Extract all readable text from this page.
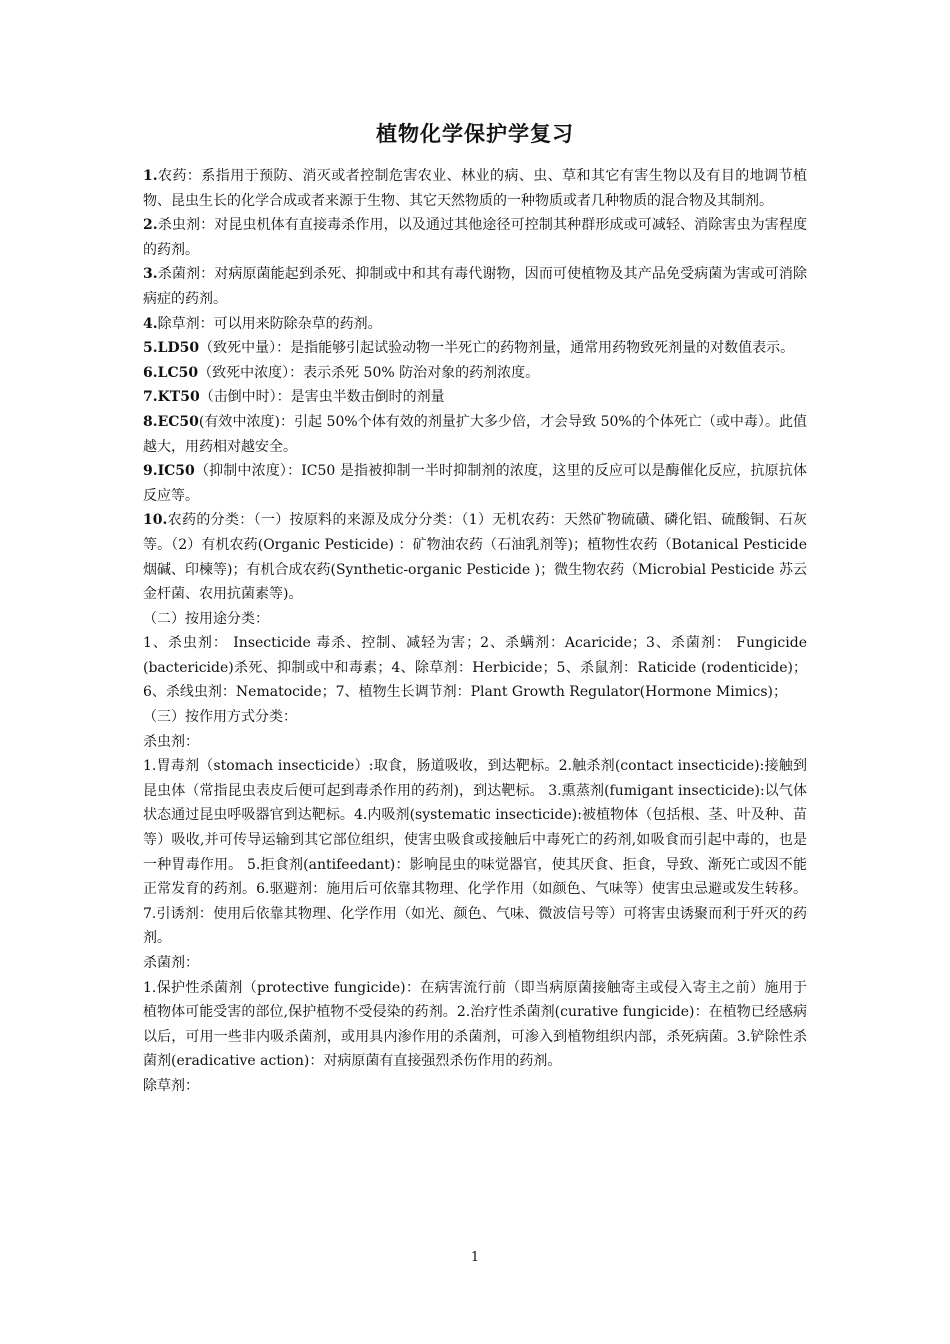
植物化学保护学复习

1.农药：系指用于预防、消灭或者控制危害农业、林业的病、虫、草和其它有害生物以及有目的地调节植物、昆虫生长的化学合成或者来源于生物、其它天然物质的一种物质或者几种物质的混合物及其制剂。

2.杀虫剂：对昆虫机体有直接毒杀作用，以及通过其他途径可控制其种群形成或可减轻、消除害虫为害程度的药剂。

3.杀菌剂：对病原菌能起到杀死、抑制或中和其有毒代谢物，因而可使植物及其产品免受病菌为害或可消除病症的药剂。

4.除草剂：可以用来防除杂草的药剂。

5.LD50（致死中量）：是指能够引起试验动物一半死亡的药物剂量，通常用药物致死剂量的对数值表示。

6.LC50（致死中浓度）：表示杀死 50% 防治对象的药剂浓度。

7.KT50（击倒中时）：是害虫半数击倒时的剂量

8.EC50(有效中浓度)：引起 50%个体有效的剂量扩大多少倍，才会导致 50%的个体死亡（或中毒）。此值越大，用药相对越安全。

9.IC50（抑制中浓度）：IC50 是指被抑制一半时抑制剂的浓度，这里的反应可以是酶催化反应，抗原抗体反应等。

10.农药的分类：（一）按原料的来源及成分分类：（1）无机农药：天然矿物硫磺、磷化铝、硫酸铜、石灰等。（2）有机农药(Organic Pesticide) ：矿物油农药（石油乳剂等)；植物性农药（Botanical Pesticide 烟碱、印楝等)；有机合成农药(Synthetic-organic Pesticide )；微生物农药（Microbial Pesticide 苏云金杆菌、农用抗菌素等)。

（二）按用途分类：

1、杀虫剂： Insecticide 毒杀、控制、减轻为害；2、杀螨剂：Acaricide；3、杀菌剂： Fungicide (bactericide)杀死、抑制或中和毒素；4、除草剂：Herbicide；5、杀鼠剂：Raticide (rodenticide)；6、杀线虫剂：Nematocide；7、植物生长调节剂：Plant Growth Regulator(Hormone Mimics)；

（三）按作用方式分类：

杀虫剂：

1.胃毒剂（stomach insecticide）:取食，肠道吸收，到达靶标。2.触杀剂(contact insecticide):接触到昆虫体（常指昆虫表皮后便可起到毒杀作用的药剂)，到达靶标。 3.熏蒸剂(fumigant insecticide):以气体状态通过昆虫呼吸器官到达靶标。4.内吸剂(systematic insecticide):被植物体（包括根、茎、叶及种、苗等）吸收,并可传导运输到其它部位组织，使害虫吸食或接触后中毒死亡的药剂,如吸食而引起中毒的，也是一种胃毒作用。 5.拒食剂(antifeedant)：影响昆虫的味觉器官，使其厌食、拒食，导致、渐死亡或因不能正常发育的药剂。6.驱避剂：施用后可依靠其物理、化学作用（如颜色、气味等）使害虫忌避或发生转移。7.引诱剂：使用后依靠其物理、化学作用（如光、颜色、气味、微波信号等）可将害虫诱聚而利于歼灭的药剂。

杀菌剂：

1.保护性杀菌剂（protective fungicide)：在病害流行前（即当病原菌接触寄主或侵入寄主之前）施用于植物体可能受害的部位,保护植物不受侵染的药剂。2.治疗性杀菌剂(curative fungicide)：在植物已经感病以后，可用一些非内吸杀菌剂，或用具内渗作用的杀菌剂，可渗入到植物组织内部，杀死病菌。3.铲除性杀菌剂(eradicative action)：对病原菌有直接强烈杀伤作用的药剂。

除草剂：

1
